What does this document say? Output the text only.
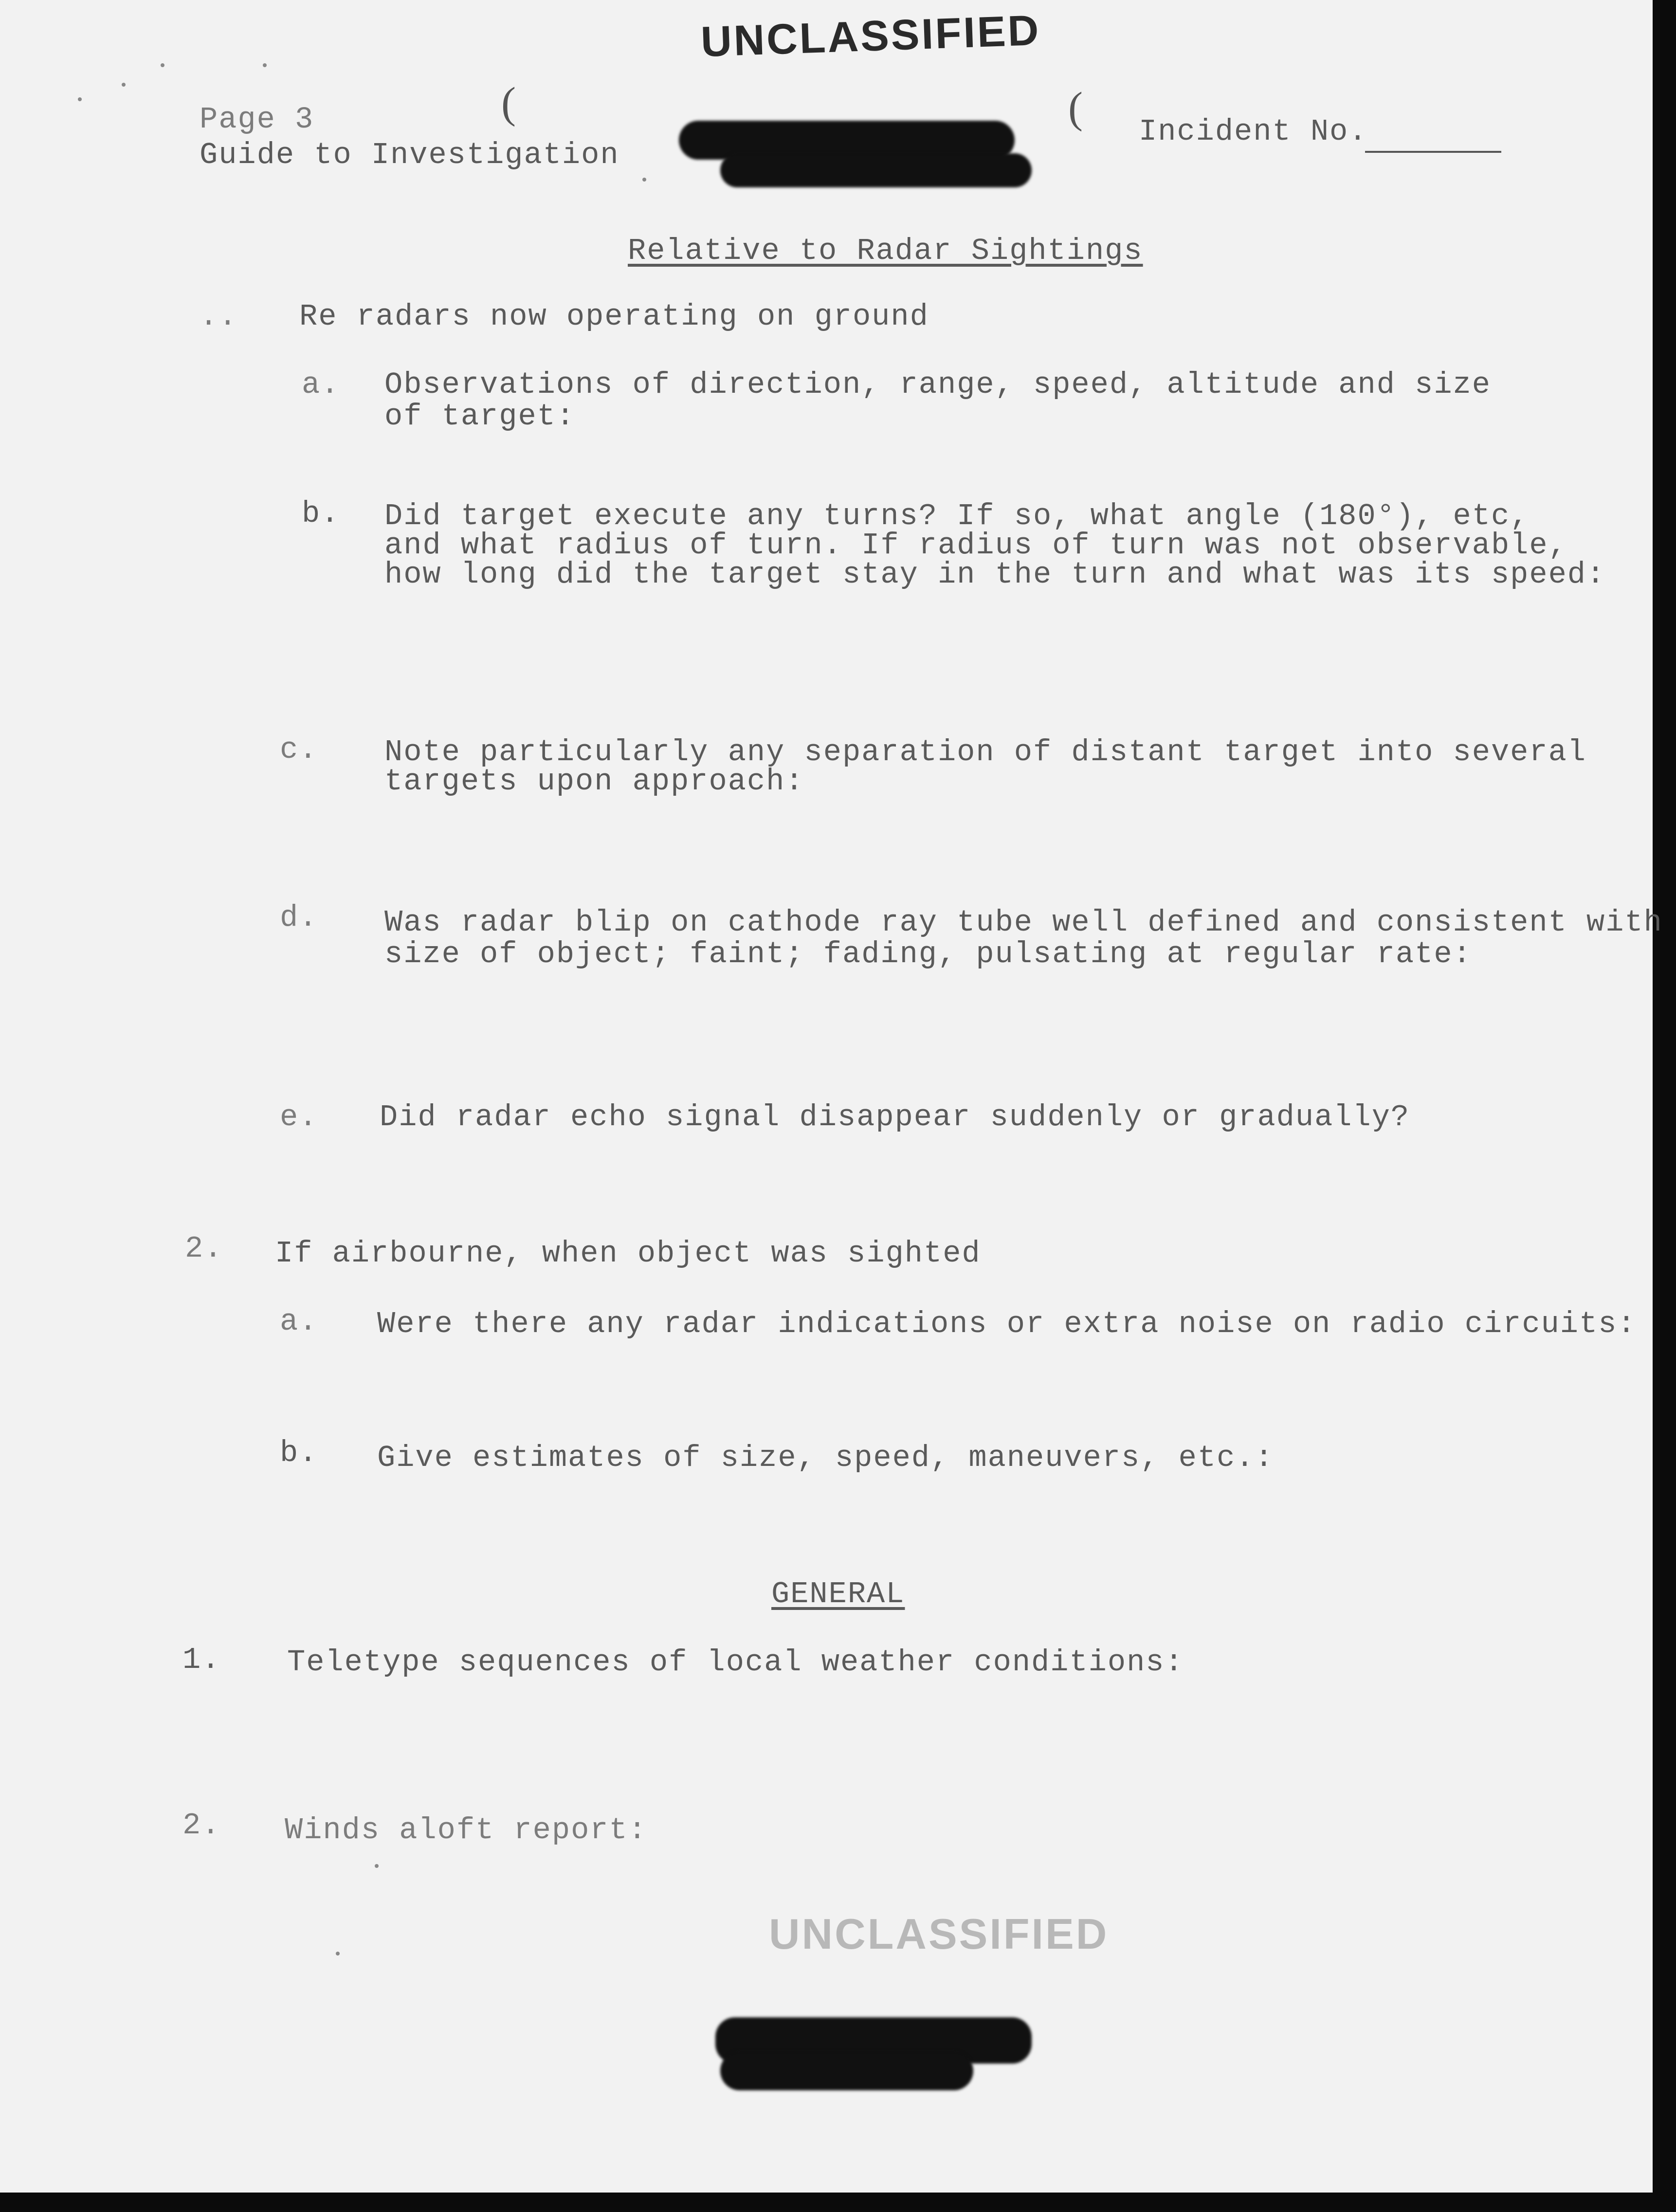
UNCLASSIFIED
Page 3
Guide to Investigation
Incident No.
(	(
Relative to Radar Sightings
.. Re radars now operating on ground
a. Observations of direction, range, speed, altitude and size
of target:
b. Did target execute any turns? If so, what angle (180°), etc,
and what radius of turn. If radius of turn was not observable,
how long did the target stay in the turn and what was its speed:
c. Note particularly any separation of distant target into several
targets upon approach:
d. Was radar blip on cathode ray tube well defined and consistent with
size of object; faint; fading, pulsating at regular rate:
e. Did radar echo signal disappear suddenly or gradually?
2. If airbourne, when object was sighted
a. Were there any radar indications or extra noise on radio circuits:
b. Give estimates of size, speed, maneuvers, etc.:
GENERAL
1. Teletype sequences of local weather conditions:
2. Winds aloft report:
UNCLASSIFIED
